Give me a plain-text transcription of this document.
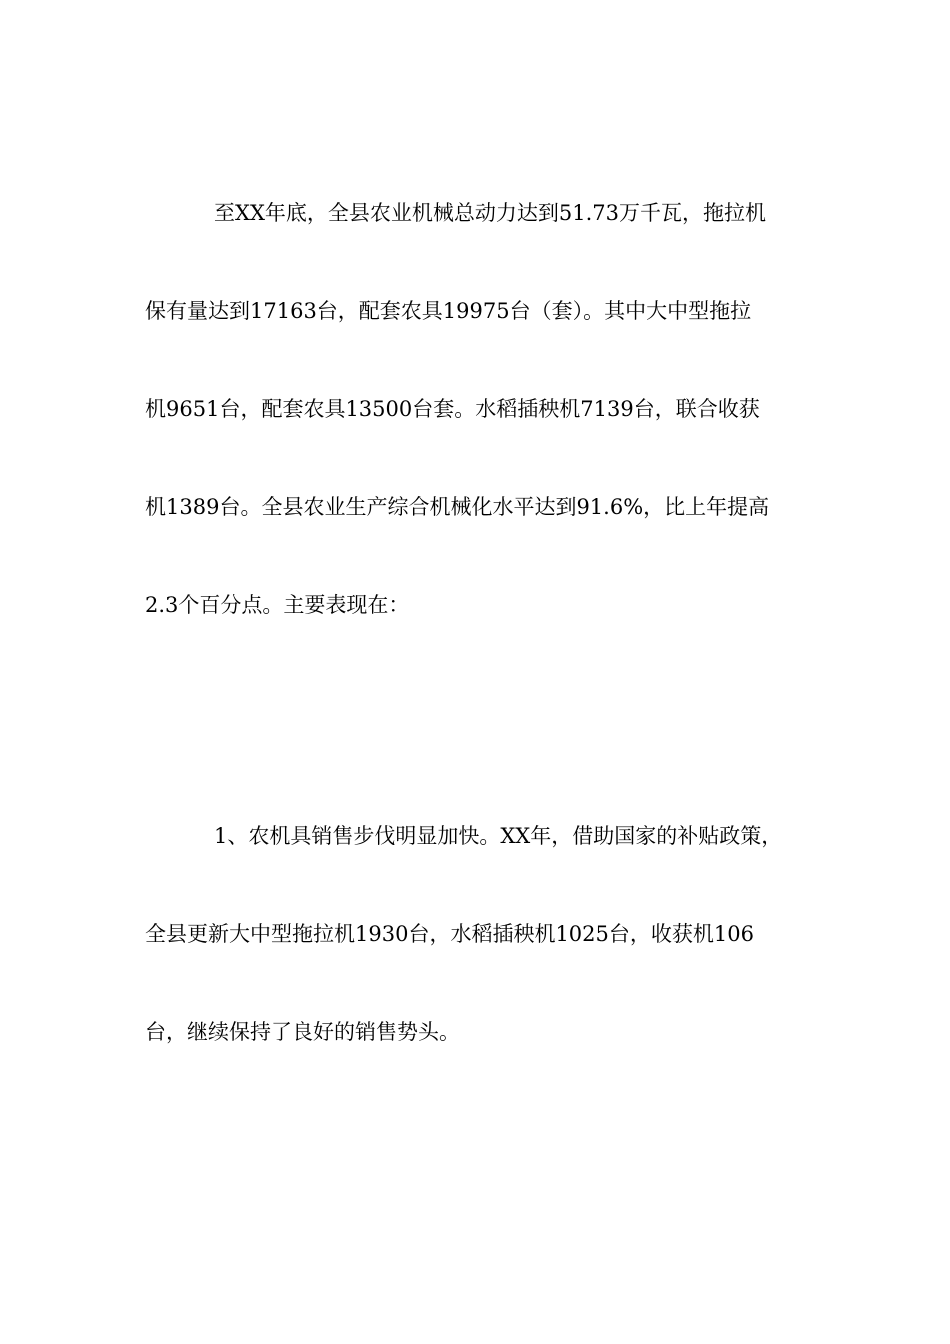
至XX年底，全县农业机械总动力达到51.73万千瓦，拖拉机
保有量达到17163台，配套农具19975台（套）。其中大中型拖拉
机9651台，配套农具13500台套。水稻插秧机7139台，联合收获
机1389台。全县农业生产综合机械化水平达到91.6%，比上年提高
2.3个百分点。主要表现在：
1、农机具销售步伐明显加快。XX年，借助国家的补贴政策，
全县更新大中型拖拉机1930台，水稻插秧机1025台，收获机106
台，继续保持了良好的销售势头。
